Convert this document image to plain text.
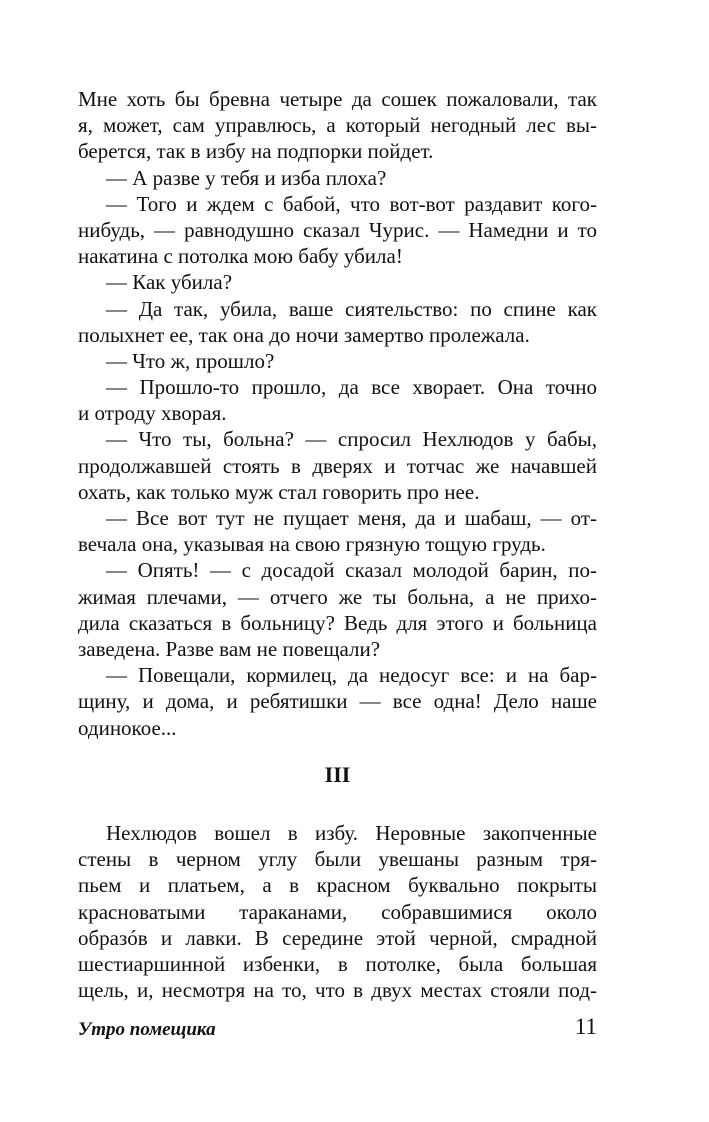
Мне хоть бы бревна четыре да сошек пожаловали, так
я, может, сам управлюсь, а который негодный лес вы-
берется, так в избу на подпорки пойдет.
— А разве у тебя и изба плоха?
— Того и ждем с бабой, что вот-вот раздавит кого-
нибудь, — равнодушно сказал Чурис. — Намедни и то
накатина с потолка мою бабу убила!
— Как убила?
— Да так, убила, ваше сиятельство: по спине как
полыхнет ее, так она до ночи замертво пролежала.
— Что ж, прошло?
— Прошло-то прошло, да все хворает. Она точно
и отроду хворая.
— Что ты, больна? — спросил Нехлюдов у бабы,
продолжавшей стоять в дверях и тотчас же начавшей
охать, как только муж стал говорить про нее.
— Все вот тут не пущает меня, да и шабаш, — от-
вечала она, указывая на свою грязную тощую грудь.
— Опять! — с досадой сказал молодой барин, по-
жимая плечами, — отчего же ты больна, а не прихо-
дила сказаться в больницу? Ведь для этого и больница
заведена. Разве вам не повещали?
— Повещали, кормилец, да недосуг все: и на бар-
щину, и дома, и ребятишки — все одна! Дело наше
одинокое...
III
Нехлюдов вошел в избу. Неровные закопченные
стены в черном углу были увешаны разным тря-
пьем и платьем, а в красном буквально покрыты
красноватыми тараканами, собравшимися около
образóв и лавки. В середине этой черной, смрадной
шестиаршинной избенки, в потолке, была большая
щель, и, несмотря на то, что в двух местах стояли под-
Утро помещика	11
